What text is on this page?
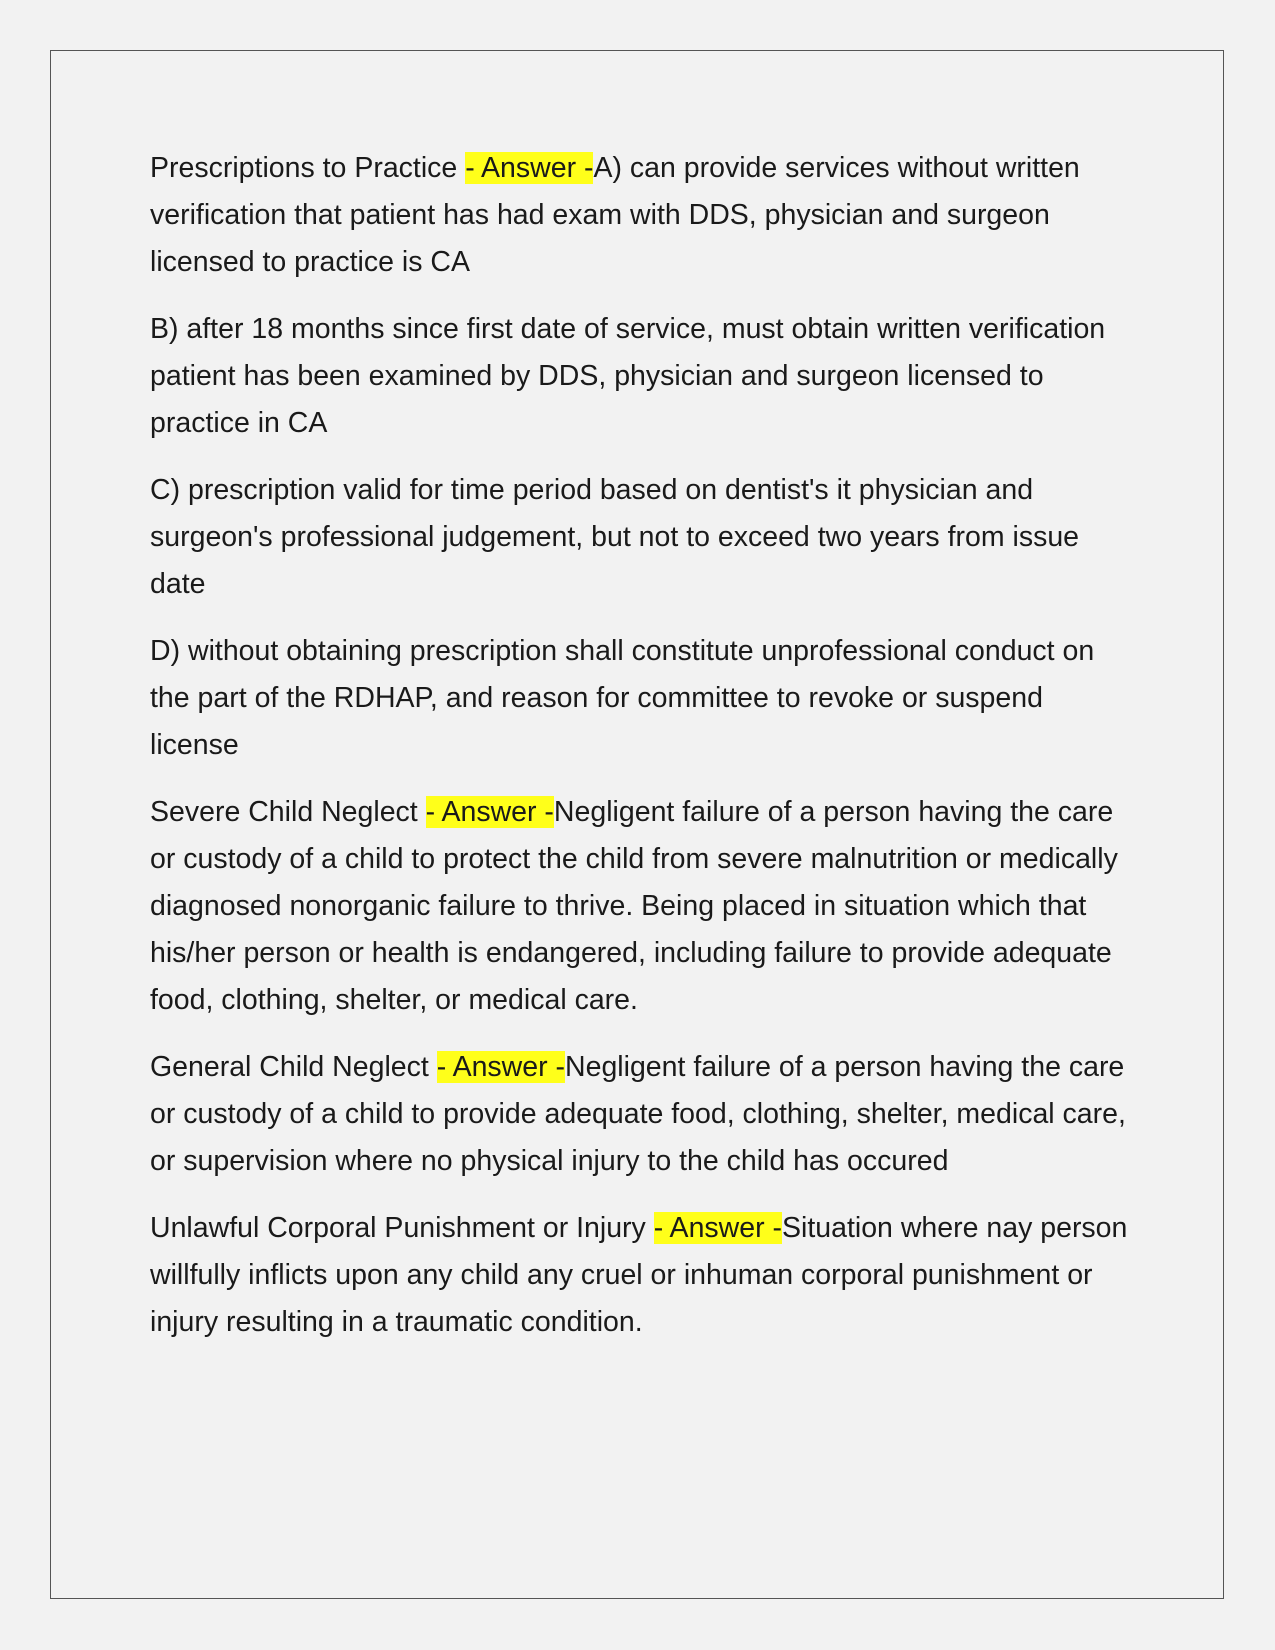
Prescriptions to Practice - Answer -A) can provide services without written verification that patient has had exam with DDS, physician and surgeon licensed to practice is CA

B) after 18 months since first date of service, must obtain written verification patient has been examined by DDS, physician and surgeon licensed to practice in CA

C) prescription valid for time period based on dentist's it physician and surgeon's professional judgement, but not to exceed two years from issue date

D) without obtaining prescription shall constitute unprofessional conduct on the part of the RDHAP, and reason for committee to revoke or suspend license

Severe Child Neglect - Answer -Negligent failure of a person having the care or custody of a child to protect the child from severe malnutrition or medically diagnosed nonorganic failure to thrive. Being placed in situation which that his/her person or health is endangered, including failure to provide adequate food, clothing, shelter, or medical care.

General Child Neglect - Answer -Negligent failure of a person having the care or custody of a child to provide adequate food, clothing, shelter, medical care, or supervision where no physical injury to the child has occured

Unlawful Corporal Punishment or Injury - Answer -Situation where nay person willfully inflicts upon any child any cruel or inhuman corporal punishment or injury resulting in a traumatic condition.
